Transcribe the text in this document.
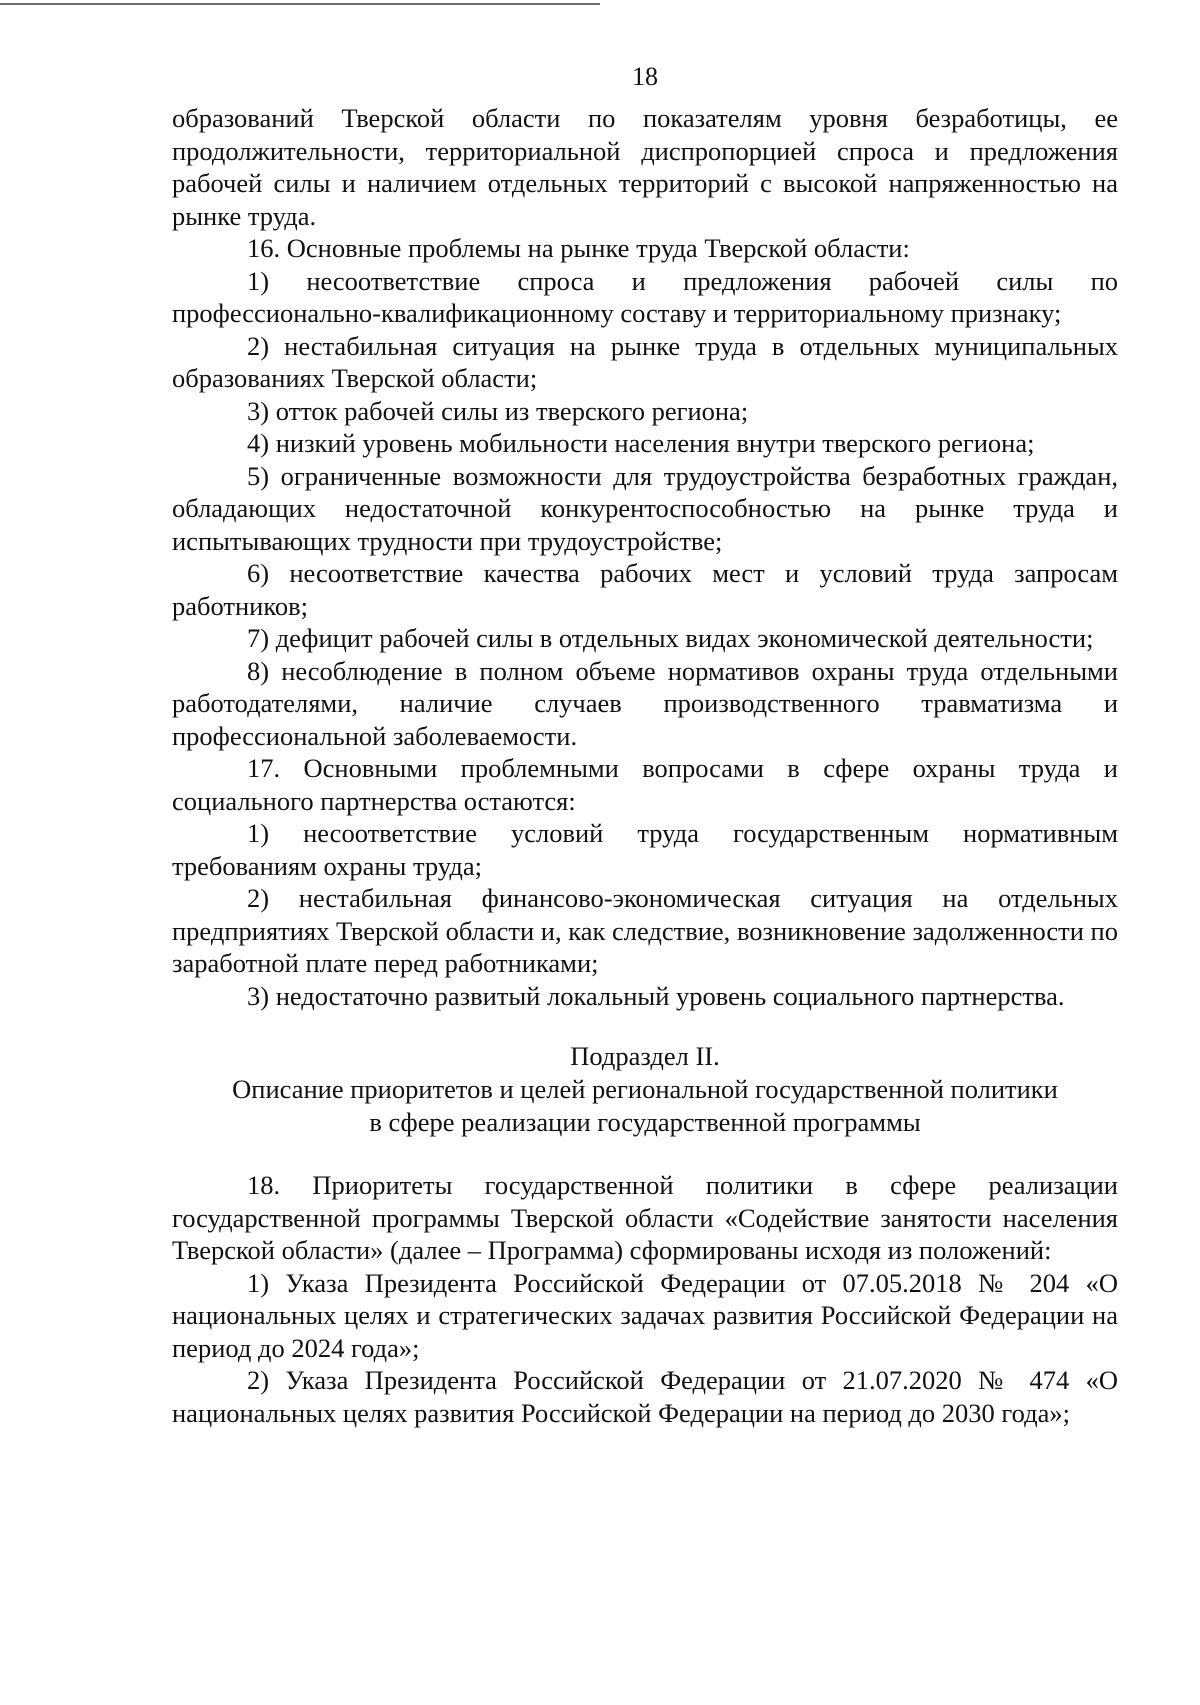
18

образований Тверской области по показателям уровня безработицы, ее продолжительности, территориальной диспропорцией спроса и предложения рабочей силы и наличием отдельных территорий с высокой напряженностью на рынке труда.

16. Основные проблемы на рынке труда Тверской области:

1) несоответствие спроса и предложения рабочей силы по профессионально-квалификационному составу и территориальному признаку;

2) нестабильная ситуация на рынке труда в отдельных муниципальных образованиях Тверской области;

3) отток рабочей силы из тверского региона;

4) низкий уровень мобильности населения внутри тверского региона;

5) ограниченные возможности для трудоустройства безработных граждан, обладающих недостаточной конкурентоспособностью на рынке труда и испытывающих трудности при трудоустройстве;

6) несоответствие качества рабочих мест и условий труда запросам работников;

7) дефицит рабочей силы в отдельных видах экономической деятельности;

8) несоблюдение в полном объеме нормативов охраны труда отдельными работодателями, наличие случаев производственного травматизма и профессиональной заболеваемости.

17. Основными проблемными вопросами в сфере охраны труда и социального партнерства остаются:

1) несоответствие условий труда государственным нормативным требованиям охраны труда;

2) нестабильная финансово-экономическая ситуация на отдельных предприятиях Тверской области и, как следствие, возникновение задолженности по заработной плате перед работниками;

3) недостаточно развитый локальный уровень социального партнерства.

Подраздел II.

Описание приоритетов и целей региональной государственной политики

в сфере реализации государственной программы

18. Приоритеты государственной политики в сфере реализации государственной программы Тверской области «Содействие занятости населения Тверской области» (далее – Программа) сформированы исходя из положений:

1) Указа Президента Российской Федерации от 07.05.2018 № 204 «О национальных целях и стратегических задачах развития Российской Федерации на период до 2024 года»;

2) Указа Президента Российской Федерации от 21.07.2020 № 474 «О национальных целях развития Российской Федерации на период до 2030 года»;
